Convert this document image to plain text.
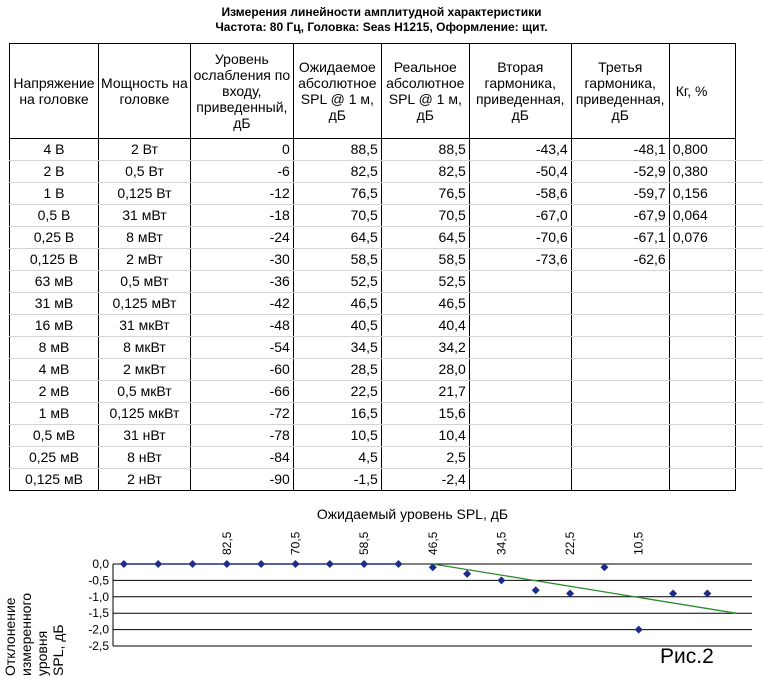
Измерения линейности амплитудной характеристики
Частота: 80 Гц, Головка: Seas H1215, Оформление: щит.
Напряжение на головке	Мощность на головке	Уровень ослабления по входу, приведенный, дБ	Ожидаемое абсолютное SPL @ 1 м, дБ	Реальное абсолютное SPL @ 1 м, дБ	Вторая гармоника, приведенная, дБ	Третья гармоника, приведенная, дБ	Кг, %	
4 В	2 Вт	0	88,5	88,5	-43,4	-48,1	0,800	
2 В	0,5 Вт	-6	82,5	82,5	-50,4	-52,9	0,380	
1 В	0,125 Вт	-12	76,5	76,5	-58,6	-59,7	0,156	
0,5 В	31 мВт	-18	70,5	70,5	-67,0	-67,9	0,064	
0,25 В	8 мВт	-24	64,5	64,5	-70,6	-67,1	0,076	
0,125 В	2 мВт	-30	58,5	58,5	-73,6	-62,6		
63 мВ	0,5 мВт	-36	52,5	52,5				
31 мВ	0,125 мВт	-42	46,5	46,5				
16 мВ	31 мкВт	-48	40,5	40,4				
8 мВ	8 мкВт	-54	34,5	34,2				
4 мВ	2 мкВт	-60	28,5	28,0				
2 мВ	0,5 мкВт	-66	22,5	21,7				
1 мВ	0,125 мкВт	-72	16,5	15,6				
0,5 мВ	31 нВт	-78	10,5	10,4				
0,25 мВ	8 нВт	-84	4,5	2,5				
0,125 мВ	2 нВт	-90	-1,5	-2,4				
Ожидаемый уровень SPL, дБ
0,0
-0,5
-1,0
-1,5
-2,0
-2,5
82,5	70,5	58,5	46,5	34,5	22,5	10,5
Отклонение измеренного уровня SPL, дБ	Рис.2
